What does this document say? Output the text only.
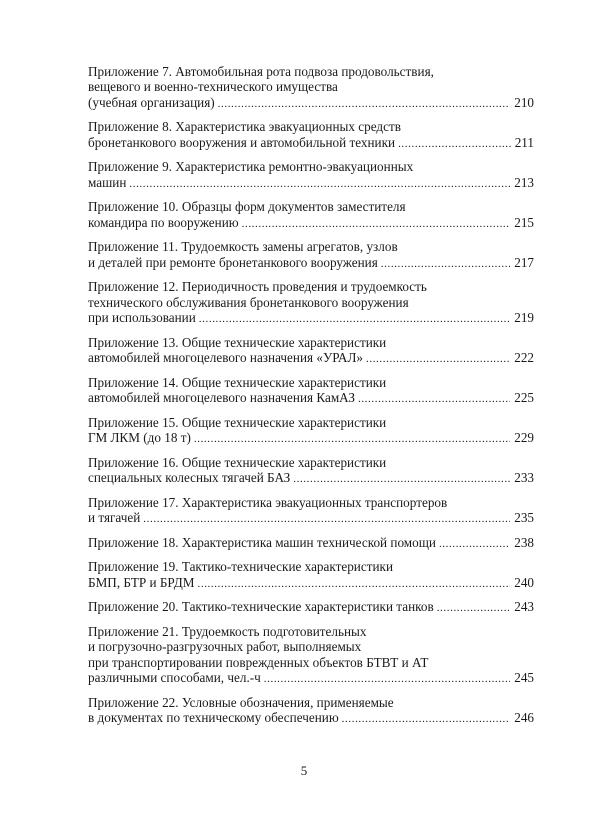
Приложение 7. Автомобильная рота подвоза продовольствия,
вещевого и военно-технического имущества
(учебная организация) .....	210
Приложение 8. Характеристика эвакуационных средств
бронетанкового вооружения и автомобильной техники .....	211
Приложение 9. Характеристика ремонтно-эвакуационных
машин .....	213
Приложение 10. Образцы форм документов заместителя
командира по вооружению .....	215
Приложение 11. Трудоемкость замены агрегатов, узлов
и деталей при ремонте бронетанкового вооружения .....	217
Приложение 12. Периодичность проведения и трудоемкость
технического обслуживания бронетанкового вооружения
при использовании .....	219
Приложение 13. Общие технические характеристики
автомобилей многоцелевого назначения «УРАЛ» .....	222
Приложение 14. Общие технические характеристики
автомобилей многоцелевого назначения КамАЗ .....	225
Приложение 15. Общие технические характеристики
ГМ ЛКМ (до 18 т) .....	229
Приложение 16. Общие технические характеристики
специальных колесных тягачей БАЗ .....	233
Приложение 17. Характеристика эвакуационных транспортеров
и тягачей .....	235
Приложение 18. Характеристика машин технической помощи .....	238
Приложение 19. Тактико-технические характеристики
БМП, БТР и БРДМ .....	240
Приложение 20. Тактико-технические характеристики танков .....	243
Приложение 21. Трудоемкость подготовительных
и погрузочно-разгрузочных работ, выполняемых
при транспортировании поврежденных объектов БТВТ и АТ
различными способами, чел.-ч .....	245
Приложение 22. Условные обозначения, применяемые
в документах по техническому обеспечению .....	246
5
